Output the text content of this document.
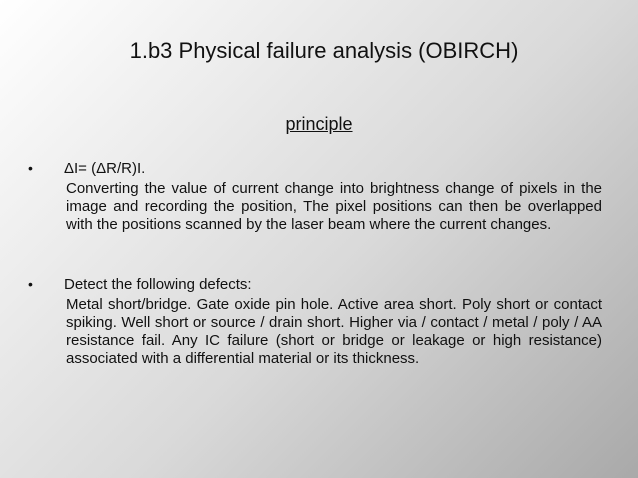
1.b3 Physical failure analysis (OBIRCH)
principle
•	ΔI= (ΔR/R)I.
Converting the value of current change into brightness change of pixels in the image and recording the position, The pixel positions can then be overlapped with the positions scanned by the laser beam where the current changes.
•	Detect the following defects:
Metal short/bridge. Gate oxide pin hole. Active area short. Poly short or contact spiking. Well short or source / drain short. Higher via / contact / metal / poly / AA resistance fail. Any IC failure (short or bridge or leakage or high resistance) associated with a differential material or its thickness.
